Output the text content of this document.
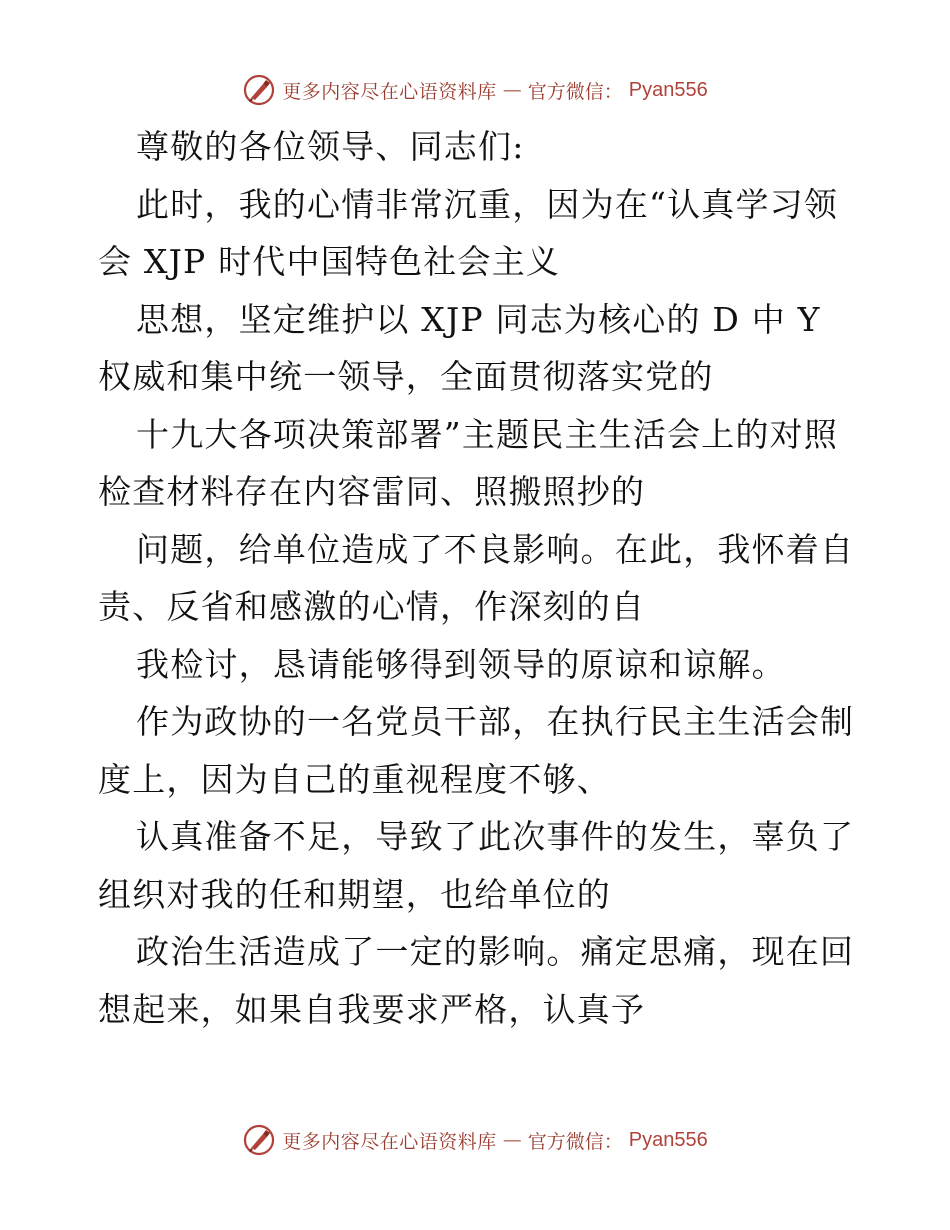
更多内容尽在心语资料库 — 官方微信： Pyan556
尊敬的各位领导、同志们:
此时，我的心情非常沉重，因为在“认真学习领
会 XJP 时代中国特色社会主义
思想，坚定维护以 XJP 同志为核心的 D 中 Y
权威和集中统一领导，全面贯彻落实党的
十九大各项决策部署”主题民主生活会上的对照
检查材料存在内容雷同、照搬照抄的
问题，给单位造成了不良影响。在此，我怀着自
责、反省和感激的心情，作深刻的自
我检讨，恳请能够得到领导的原谅和谅解。
作为政协的一名党员干部，在执行民主生活会制
度上，因为自己的重视程度不够、
认真准备不足，导致了此次事件的发生，辜负了
组织对我的任和期望，也给单位的
政治生活造成了一定的影响。痛定思痛，现在回
想起来，如果自我要求严格，认真予
更多内容尽在心语资料库 — 官方微信： Pyan556
